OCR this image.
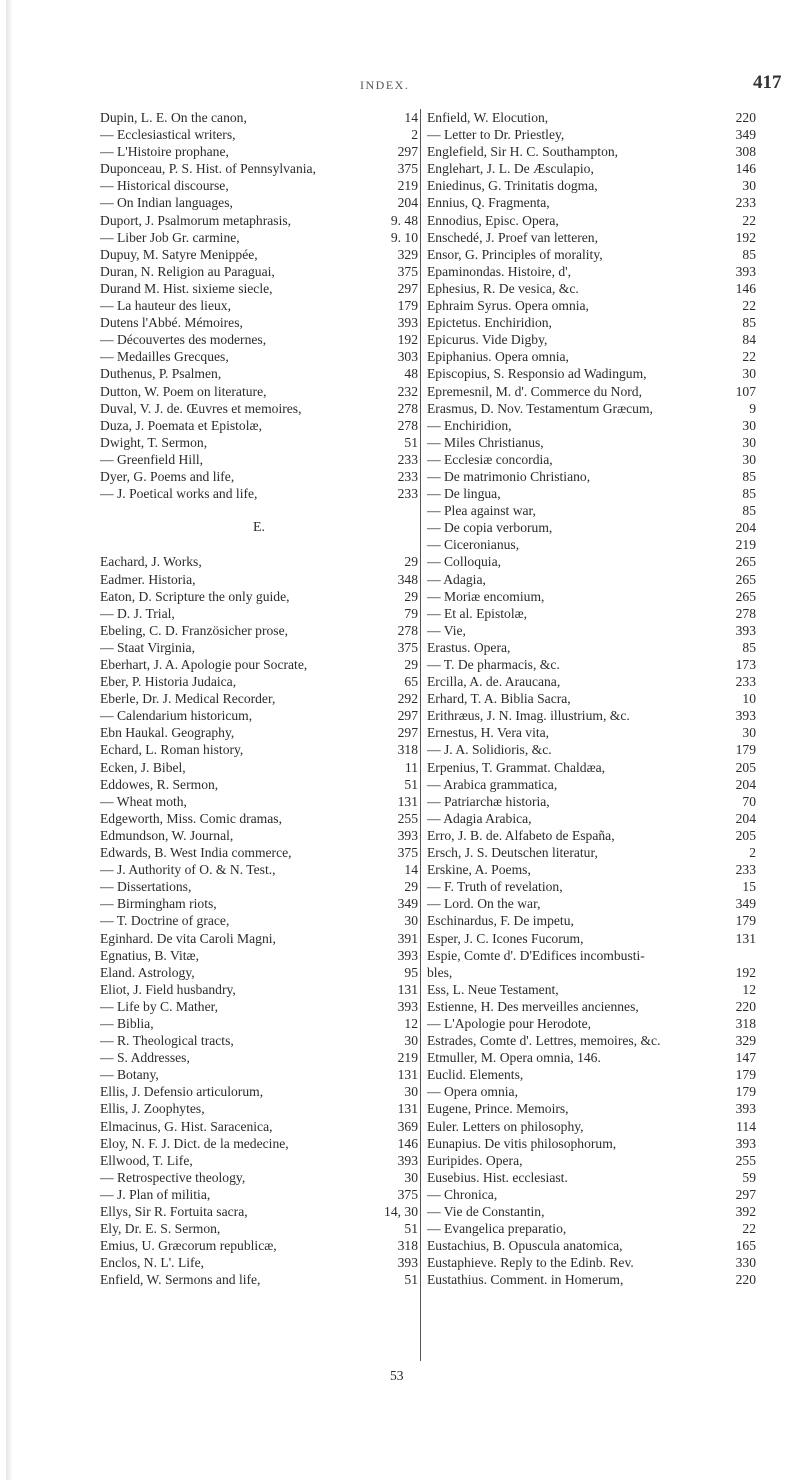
INDEX.	417
Dupin, L. E. On the canon,	14
— Ecclesiastical writers,	2
— L'Histoire prophane,	297
Duponceau, P. S. Hist. of Pennsylvania,	375
— Historical discourse,	219
— On Indian languages,	204
Duport, J. Psalmorum metaphrasis,	9. 48
— Liber Job Gr. carmine,	9. 10
Dupuy, M. Satyre Menippée,	329
Duran, N. Religion au Paraguai,	375
Durand M. Hist. sixieme siecle,	297
— La hauteur des lieux,	179
Dutens l'Abbé. Mémoires,	393
— Découvertes des modernes,	192
— Medailles Grecques,	303
Duthenus, P. Psalmen,	48
Dutton, W. Poem on literature,	232
Duval, V. J. de. Œuvres et memoires,	278
Duza, J. Poemata et Epistolæ,	278
Dwight, T. Sermon,	51
— Greenfield Hill,	233
Dyer, G. Poems and life,	233
— J. Poetical works and life,	233
E.
Eachard, J. Works,	29
Eadmer. Historia,	348
Eaton, D. Scripture the only guide,	29
— D. J. Trial,	79
Ebeling, C. D. Französicher prose,	278
— Staat Virginia,	375
Eberhart, J. A. Apologie pour Socrate,	29
Eber, P. Historia Judaica,	65
Eberle, Dr. J. Medical Recorder,	292
— Calendarium historicum,	297
Ebn Haukal. Geography,	297
Echard, L. Roman history,	318
Ecken, J. Bibel,	11
Eddowes, R. Sermon,	51
— Wheat moth,	131
Edgeworth, Miss. Comic dramas,	255
Edmundson, W. Journal,	393
Edwards, B. West India commerce,	375
— J. Authority of O. & N. Test.,	14
— Dissertations,	29
— Birmingham riots,	349
— T. Doctrine of grace,	30
Eginhard. De vita Caroli Magni,	391
Egnatius, B. Vitæ,	393
Eland. Astrology,	95
Eliot, J. Field husbandry,	131
— Life by C. Mather,	393
— Biblia,	12
— R. Theological tracts,	30
— S. Addresses,	219
— Botany,	131
Ellis, J. Defensio articulorum,	30
Ellis, J. Zoophytes,	131
Elmacinus, G. Hist. Saracenica,	369
Eloy, N. F. J. Dict. de la medecine,	146
Ellwood, T. Life,	393
— Retrospective theology,	30
— J. Plan of militia,	375
Ellys, Sir R. Fortuita sacra,	14, 30
Ely, Dr. E. S. Sermon,	51
Emius, U. Græcorum republicæ,	318
Enclos, N. L'. Life,	393
Enfield, W. Sermons and life,	51
Enfield, W. Elocution,	220
— Letter to Dr. Priestley,	349
Englefield, Sir H. C. Southampton,	308
Englehart, J. L. De Æsculapio,	146
Eniedinus, G. Trinitatis dogma,	30
Ennius, Q. Fragmenta,	233
Ennodius, Episc. Opera,	22
Enschedé, J. Proef van letteren,	192
Ensor, G. Principles of morality,	85
Epaminondas. Histoire, d',	393
Ephesius, R. De vesica, &c.	146
Ephraim Syrus. Opera omnia,	22
Epictetus. Enchiridion,	85
Epicurus. Vide Digby,	84
Epiphanius. Opera omnia,	22
Episcopius, S. Responsio ad Wadingum,	30
Epremesnil, M. d'. Commerce du Nord,	107
Erasmus, D. Nov. Testamentum Græcum,	9
— Enchiridion,	30
— Miles Christianus,	30
— Ecclesiæ concordia,	30
— De matrimonio Christiano,	85
— De lingua,	85
— Plea against war,	85
— De copia verborum,	204
— Ciceronianus,	219
— Colloquia,	265
— Adagia,	265
— Moriæ encomium,	265
— Et al. Epistolæ,	278
— Vie,	393
Erastus. Opera,	85
— T. De pharmacis, &c.	173
Ercilla, A. de. Araucana,	233
Erhard, T. A. Biblia Sacra,	10
Erithræus, J. N. Imag. illustrium, &c.	393
Ernestus, H. Vera vita,	30
— J. A. Solidioris, &c.	179
Erpenius, T. Grammat. Chaldæa,	205
— Arabica grammatica,	204
— Patriarchæ historia,	70
— Adagia Arabica,	204
Erro, J. B. de. Alfabeto de España,	205
Ersch, J. S. Deutschen literatur,	2
Erskine, A. Poems,	233
— F. Truth of revelation,	15
— Lord. On the war,	349
Eschinardus, F. De impetu,	179
Esper, J. C. Icones Fucorum,	131
Espie, Comte d'. D'Edifices incombusti-
bles,	192
Ess, L. Neue Testament,	12
Estienne, H. Des merveilles anciennes,	220
— L'Apologie pour Herodote,	318
Estrades, Comte d'. Lettres, memoires, &c.	329
Etmuller, M. Opera omnia, 146.	147
Euclid. Elements,	179
— Opera omnia,	179
Eugene, Prince. Memoirs,	393
Euler. Letters on philosophy,	114
Eunapius. De vitis philosophorum,	393
Euripides. Opera,	255
Eusebius. Hist. ecclesiast.	59
— Chronica,	297
— Vie de Constantin,	392
— Evangelica preparatio,	22
Eustachius, B. Opuscula anatomica,	165
Eustaphieve. Reply to the Edinb. Rev.	330
Eustathius. Comment. in Homerum,	220
53
